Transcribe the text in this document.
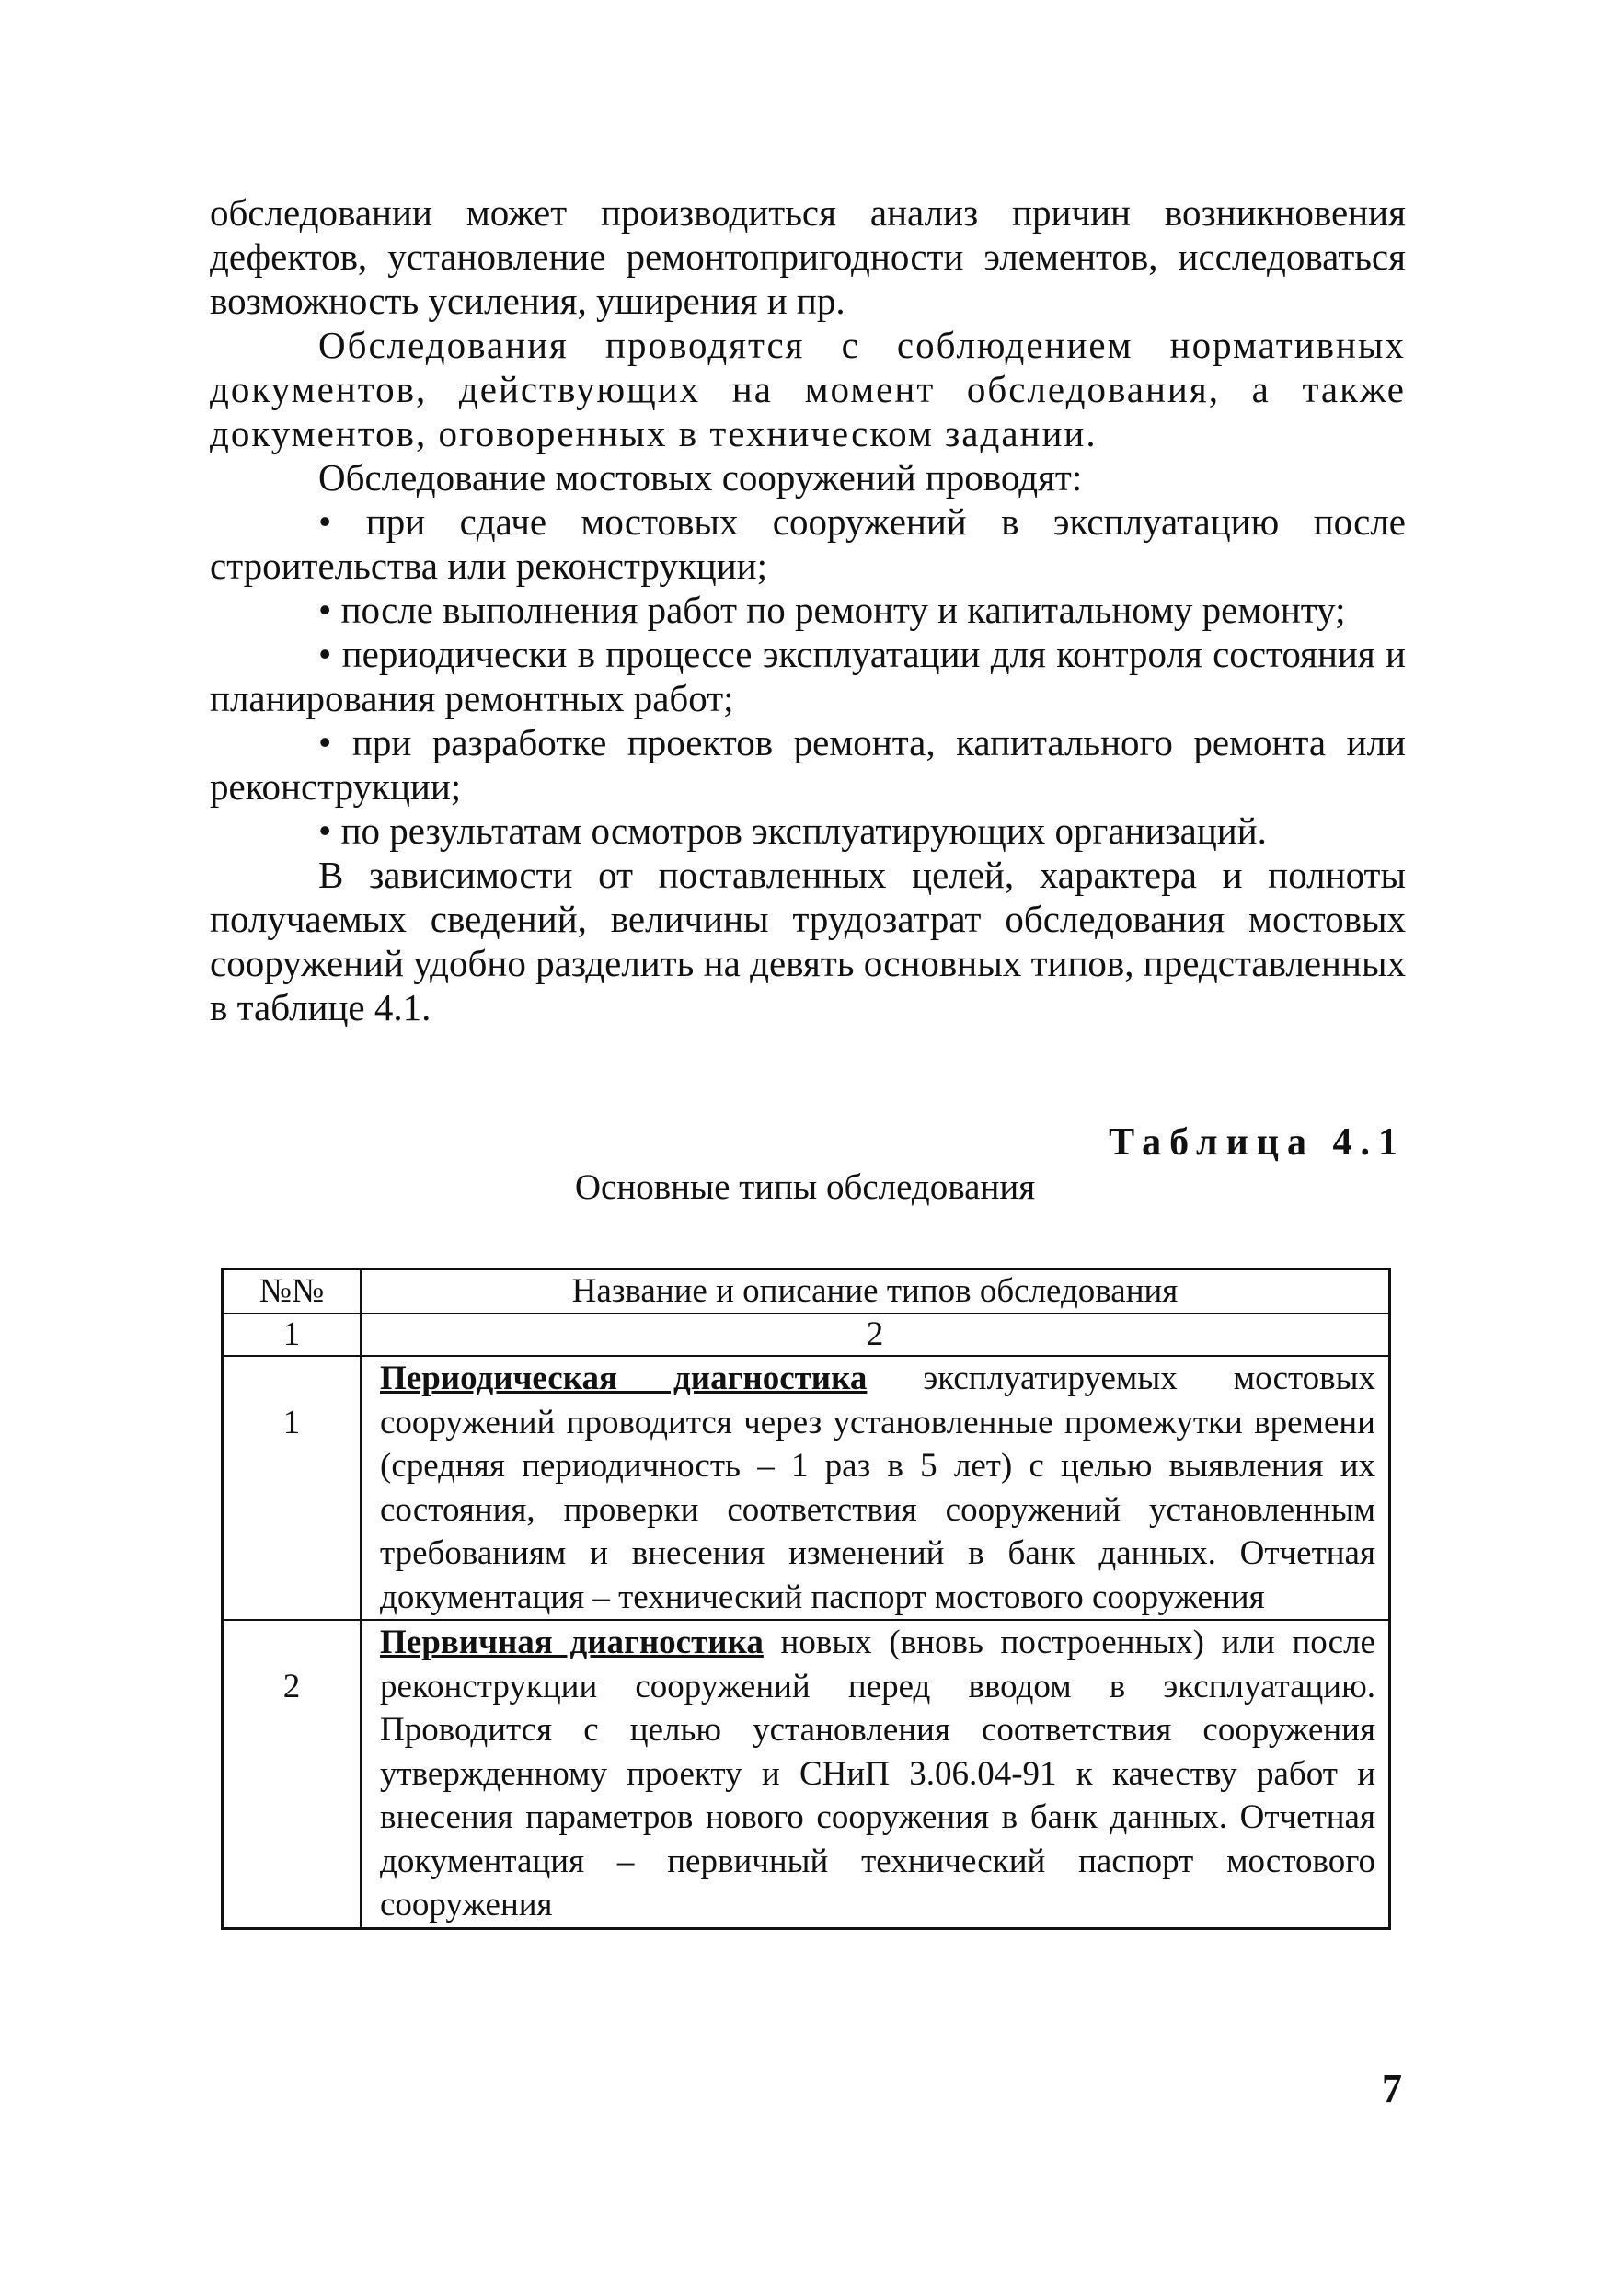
обследовании может производиться анализ причин возникновения дефектов, установление ремонтопригодности элементов, исследоваться возможность усиления, уширения и пр.

Обследования проводятся с соблюдением нормативных документов, действующих на момент обследования, а также документов, оговоренных в техническом задании.

Обследование мостовых сооружений проводят:

• при сдаче мостовых сооружений в эксплуатацию после строительства или реконструкции;

• после выполнения работ по ремонту и капитальному ремонту;

• периодически в процессе эксплуатации для контроля состояния и планирования ремонтных работ;

• при разработке проектов ремонта, капитального ремонта или реконструкции;

• по результатам осмотров эксплуатирующих организаций.

В зависимости от поставленных целей, характера и полноты получаемых сведений, величины трудозатрат обследования мостовых сооружений удобно разделить на девять основных типов, представленных в таблице 4.1.

Таблица 4.1
Основные типы обследования
№№	Название и описание типов обследования
1	2
1	Периодическая диагностика эксплуатируемых мостовых сооружений проводится через установленные промежутки времени (средняя периодичность – 1 раз в 5 лет) с целью выявления их состояния, проверки соответствия сооружений установленным требованиям и внесения изменений в банк данных. Отчетная документация – технический паспорт мостового сооружения
2	Первичная диагностика новых (вновь построенных) или после реконструкции сооружений перед вводом в эксплуатацию. Проводится с целью установления соответствия сооружения утвержденному проекту и СНиП 3.06.04-91 к качеству работ и внесения параметров нового сооружения в банк данных. Отчетная документация – первичный технический паспорт мостового сооружения
7
